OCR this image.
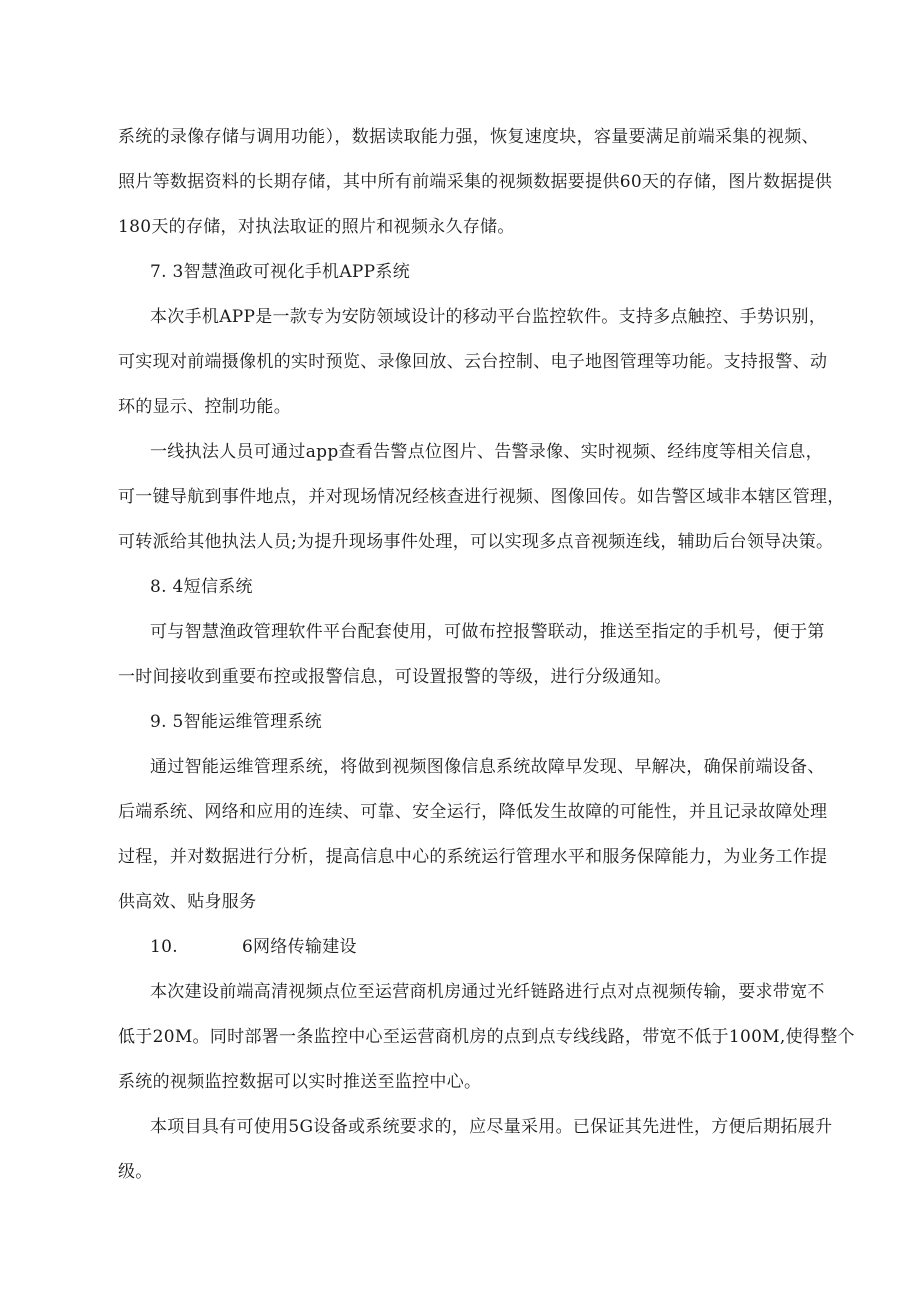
系统的录像存储与调用功能），数据读取能力强，恢复速度块，容量要满足前端采集的视频、
照片等数据资料的长期存储，其中所有前端采集的视频数据要提供60天的存储，图片数据提供
180天的存储，对执法取证的照片和视频永久存储。
7. 3智慧渔政可视化手机APP系统
本次手机APP是一款专为安防领域设计的移动平台监控软件。支持多点触控、手势识别，
可实现对前端摄像机的实时预览、录像回放、云台控制、电子地图管理等功能。支持报警、动
环的显示、控制功能。
一线执法人员可通过app查看告警点位图片、告警录像、实时视频、经纬度等相关信息，
可一键导航到事件地点，并对现场情况经核查进行视频、图像回传。如告警区域非本辖区管理，
可转派给其他执法人员;为提升现场事件处理，可以实现多点音视频连线，辅助后台领导决策。
8. 4短信系统
可与智慧渔政管理软件平台配套使用，可做布控报警联动，推送至指定的手机号，便于第
一时间接收到重要布控或报警信息，可设置报警的等级，进行分级通知。
9. 5智能运维管理系统
通过智能运维管理系统，将做到视频图像信息系统故障早发现、早解决，确保前端设备、
后端系统、网络和应用的连续、可靠、安全运行，降低发生故障的可能性，并且记录故障处理
过程，并对数据进行分析，提高信息中心的系统运行管理水平和服务保障能力，为业务工作提
供高效、贴身服务
10.	6网络传输建设
本次建设前端高清视频点位至运营商机房通过光纤链路进行点对点视频传输，要求带宽不
低于20M。同时部署一条监控中心至运营商机房的点到点专线线路，带宽不低于100M,使得整个
系统的视频监控数据可以实时推送至监控中心。
本项目具有可使用5G设备或系统要求的，应尽量采用。已保证其先进性，方便后期拓展升
级。
